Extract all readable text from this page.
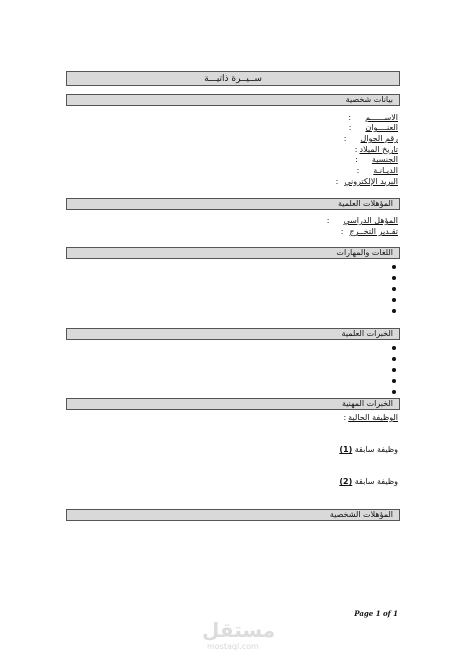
ســيــرة ذاتيـــة
بيانات شخصية
الاســــــم:
العنــــوان:
رقم الجوال:
تاريخ الميلاد:
الجنسية:
الديـانـة:
البريد الإلكتروني:
المؤهلات العلمية
المؤهل الدراسي:
تقـدير التخــرج:
اللغات والمهارات
الخبرات العلمية
الخبرات المهنية
الوظيفة الحالية:
وظيفة سابقة (1)
وظيفة سابقة (2)
المؤهلات الشخصية
Page 1 of 1
مستقل
mostaql.com
